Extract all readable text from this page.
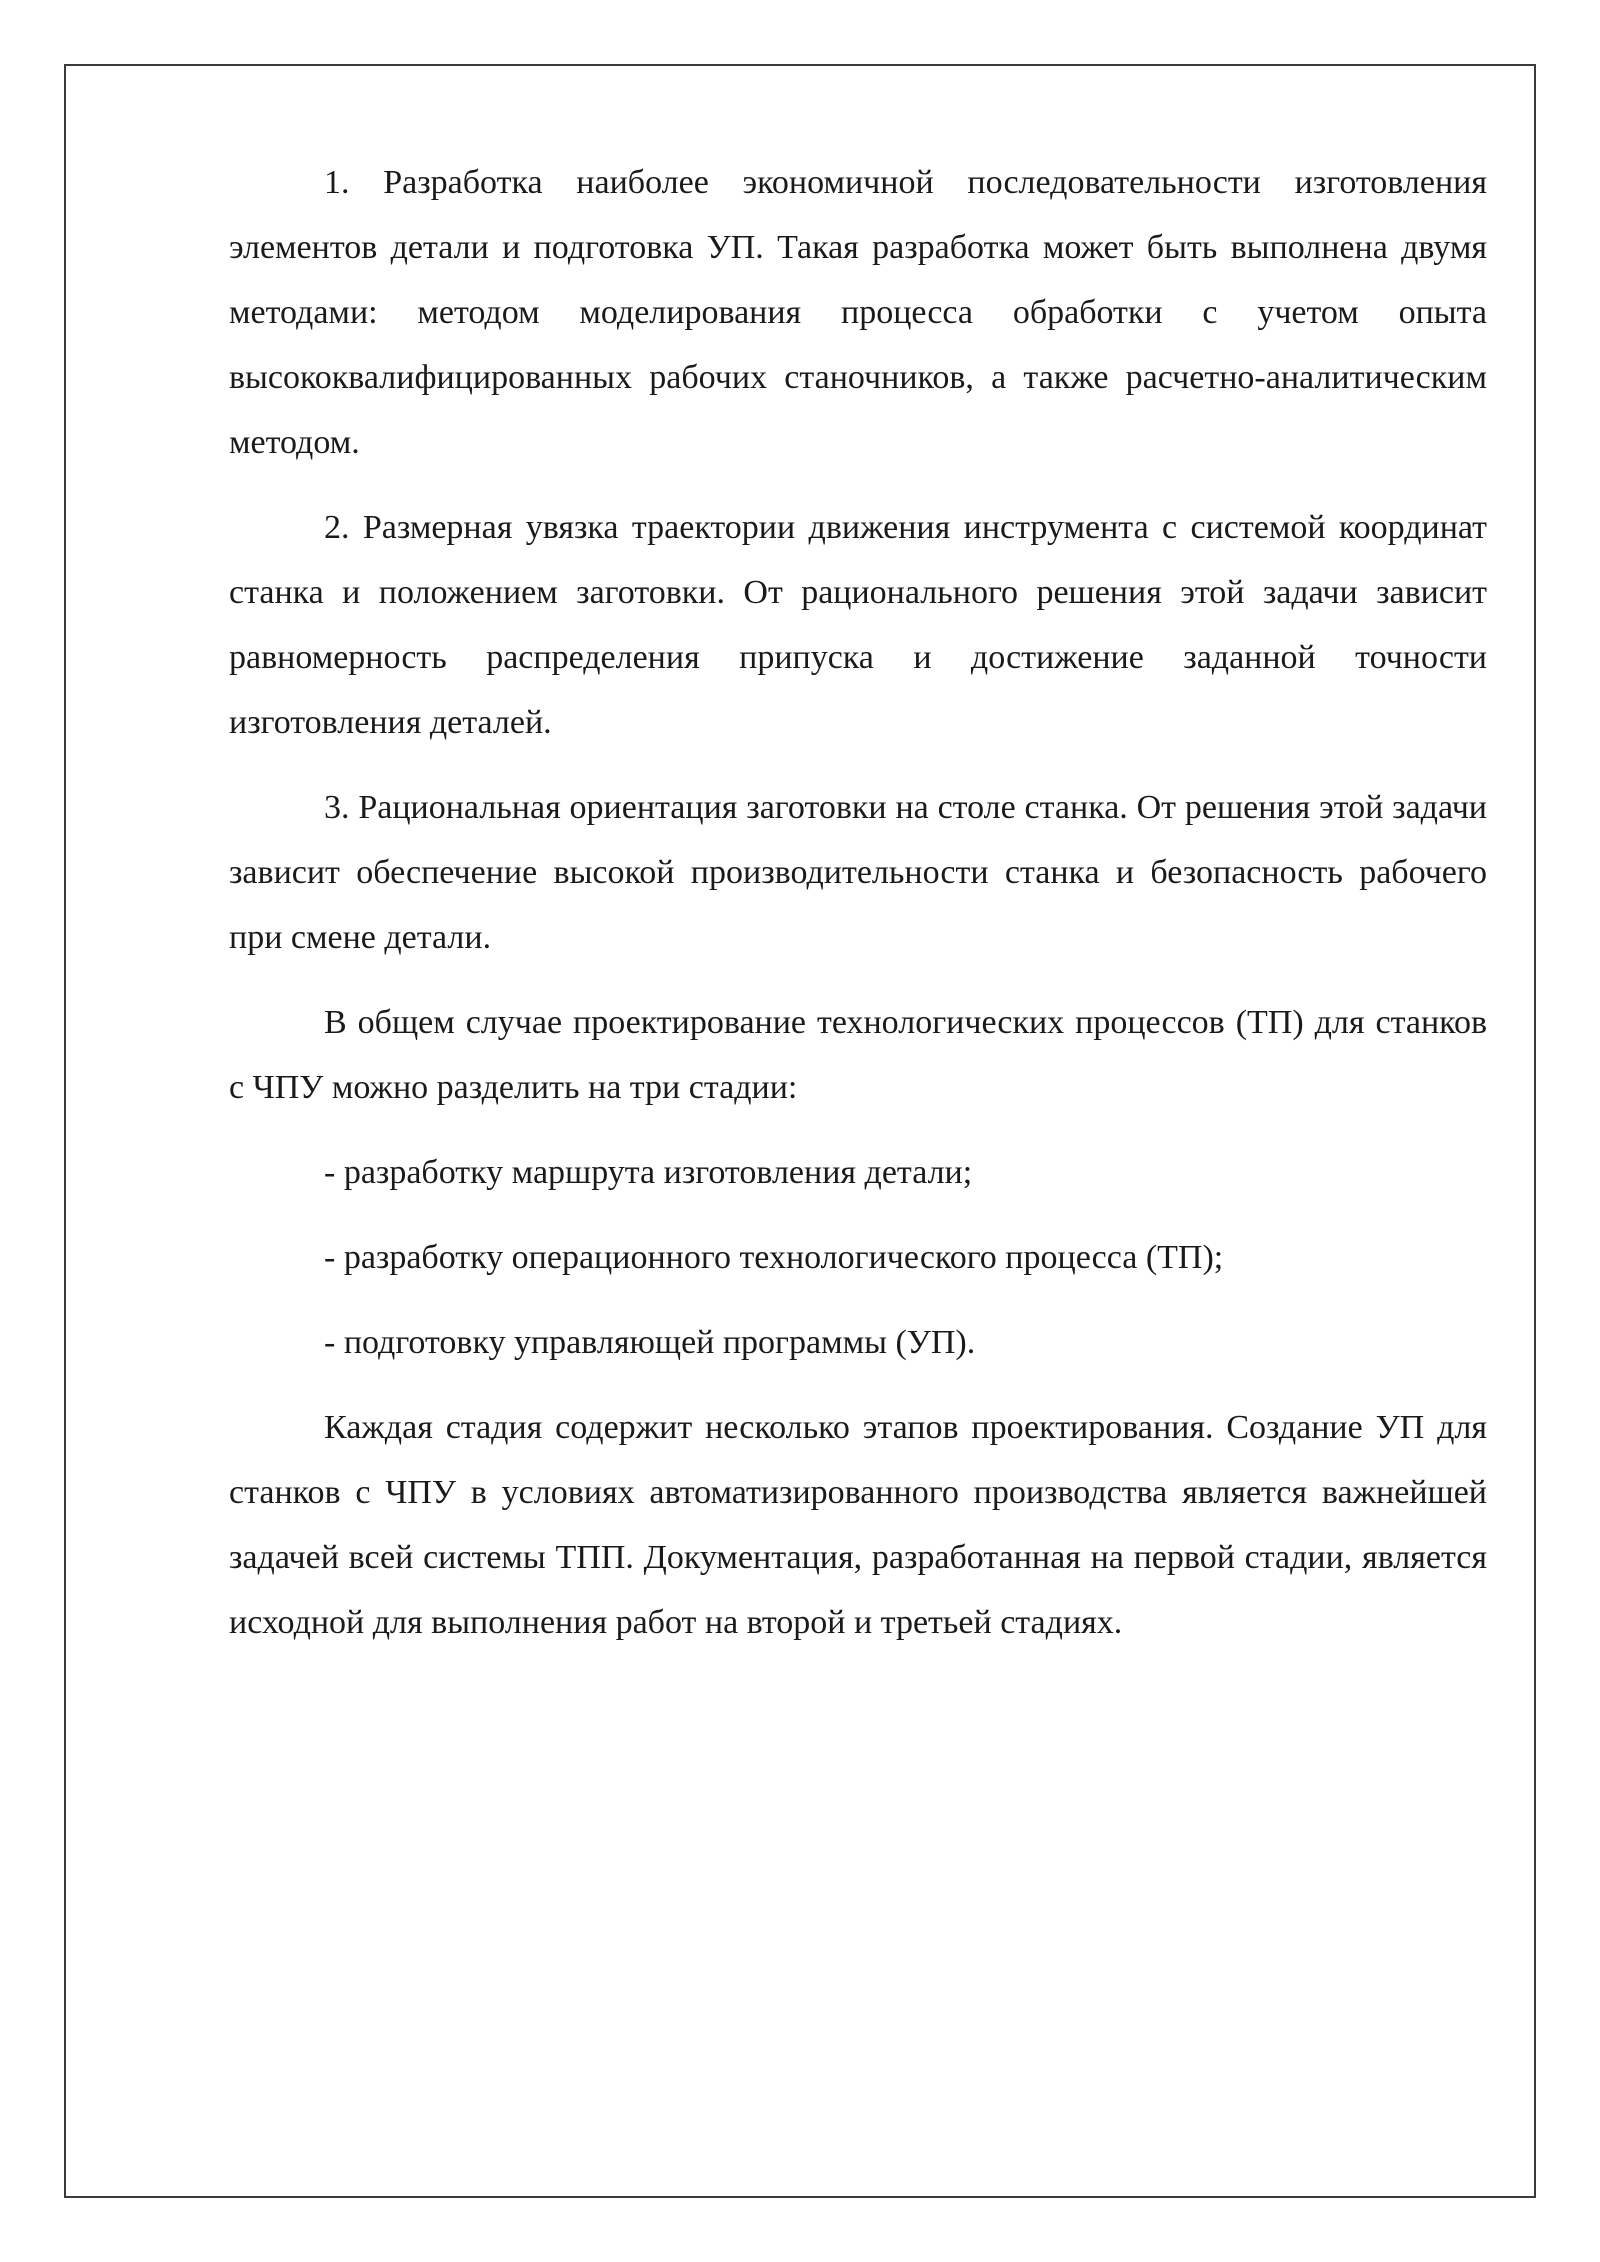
1. Разработка наиболее экономичной последовательности изготовления элементов детали и подготовка УП. Такая разработка может быть выполнена двумя методами: методом моделирования процесса обработки с учетом опыта высококвалифицированных рабочих станочников, а также расчетно-аналитическим методом.

2. Размерная увязка траектории движения инструмента с системой координат станка и положением заготовки. От рационального решения этой задачи зависит равномерность распределения припуска и достижение заданной точности изготовления деталей.

3. Рациональная ориентация заготовки на столе станка. От решения этой задачи зависит обеспечение высокой производительности станка и безопасность рабочего при смене детали.

В общем случае проектирование технологических процессов (ТП) для станков с ЧПУ можно разделить на три стадии:

- разработку маршрута изготовления детали;

- разработку операционного технологического процесса (ТП);

- подготовку управляющей программы (УП).

Каждая стадия содержит несколько этапов проектирования. Создание УП для станков с ЧПУ в условиях автоматизированного производства является важнейшей задачей всей системы ТПП. Документация, разработанная на первой стадии, является исходной для выполнения работ на второй и третьей стадиях.
